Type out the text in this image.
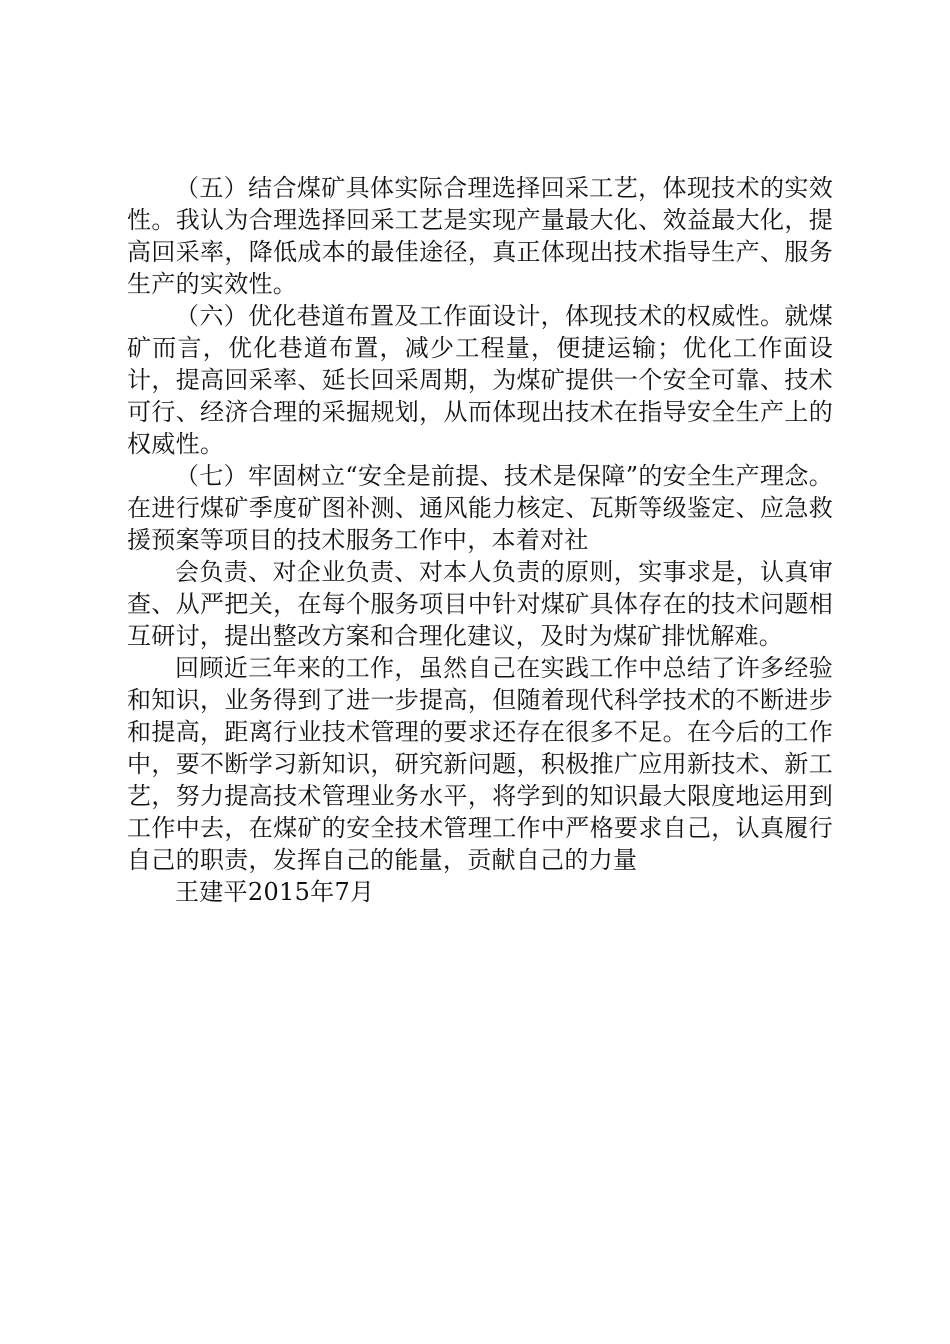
（五）结合煤矿具体实际合理选择回采工艺，体现技术的实效性。我认为合理选择回采工艺是实现产量最大化、效益最大化，提高回采率，降低成本的最佳途径，真正体现出技术指导生产、服务生产的实效性。

（六）优化巷道布置及工作面设计，体现技术的权威性。就煤矿而言，优化巷道布置，减少工程量，便捷运输；优化工作面设计，提高回采率、延长回采周期，为煤矿提供一个安全可靠、技术可行、经济合理的采掘规划，从而体现出技术在指导安全生产上的权威性。

（七）牢固树立“安全是前提、技术是保障”的安全生产理念。在进行煤矿季度矿图补测、通风能力核定、瓦斯等级鉴定、应急救援预案等项目的技术服务工作中，本着对社

会负责、对企业负责、对本人负责的原则，实事求是，认真审查、从严把关，在每个服务项目中针对煤矿具体存在的技术问题相互研讨，提出整改方案和合理化建议，及时为煤矿排忧解难。

回顾近三年来的工作，虽然自己在实践工作中总结了许多经验和知识，业务得到了进一步提高，但随着现代科学技术的不断进步和提高，距离行业技术管理的要求还存在很多不足。在今后的工作中，要不断学习新知识，研究新问题，积极推广应用新技术、新工艺，努力提高技术管理业务水平，将学到的知识最大限度地运用到工作中去，在煤矿的安全技术管理工作中严格要求自己，认真履行自己的职责，发挥自己的能量，贡献自己的力量

王建平2015年7月
